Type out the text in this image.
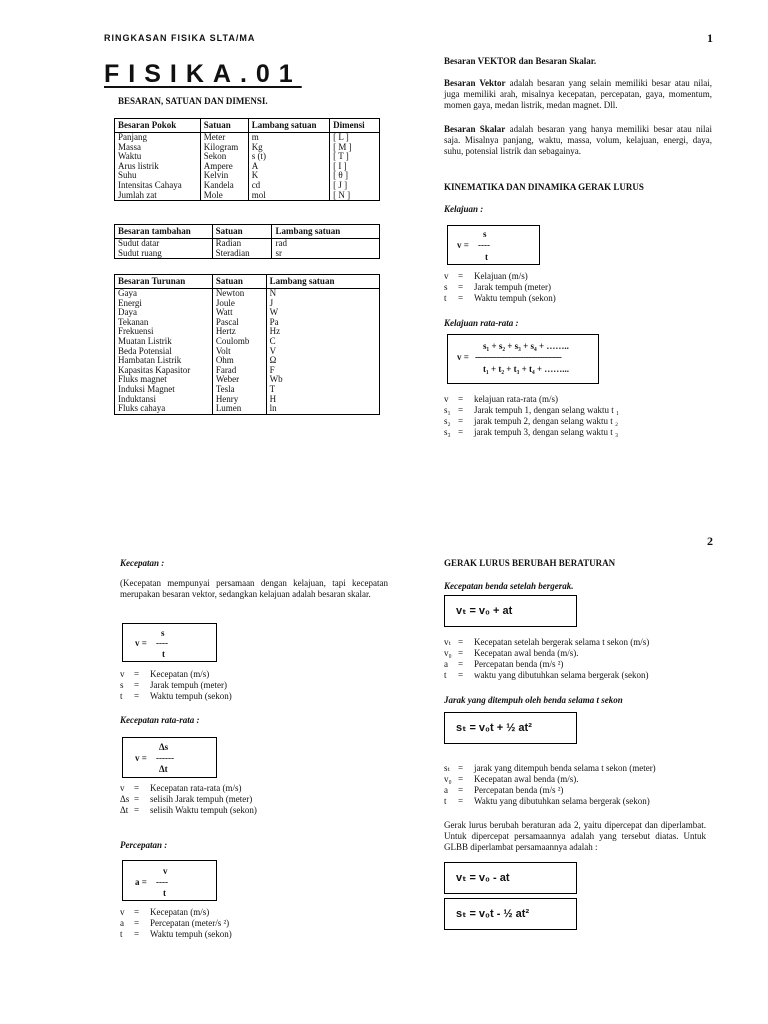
RINGKASAN FISIKA SLTA/MA	1
FISIKA.01
BESARAN, SATUAN DAN DIMENSI.
Besaran Pokok	Satuan	Lambang satuan	Dimensi
Panjang	Meter	m	[ L ]
Massa	Kilogram	Kg	[ M ]
Waktu	Sekon	s (t)	[ T ]
Arus listrik	Ampere	A	[ I ]
Suhu	Kelvin	K	[ θ ]
Intensitas Cahaya	Kandela	cd	[ J ]
Jumlah zat	Mole	mol	[ N ]
Besaran tambahan	Satuan	Lambang satuan
Sudut datar	Radian	rad
Sudut ruang	Steradian	sr
Besaran Turunan	Satuan	Lambang satuan
Gaya	Newton	N
Energi	Joule	J
Daya	Watt	W
Tekanan	Pascal	Pa
Frekuensi	Hertz	Hz
Muatan Listrik	Coulomb	C
Beda Potensial	Volt	V
Hambatan Listrik	Ohm	Ω
Kapasitas Kapasitor	Farad	F
Fluks magnet	Weber	Wb
Induksi Magnet	Tesla	T
Induktansi	Henry	H
Fluks cahaya	Lumen	ln
Besaran VEKTOR dan Besaran Skalar.
Besaran Vektor adalah besaran yang selain memiliki besar atau nilai, juga memiliki arah, misalnya kecepatan, percepatan, gaya, momentum, momen gaya, medan listrik, medan magnet. Dll.
Besaran Skalar adalah besaran yang hanya memiliki besar atau nilai saja. Misalnya panjang, waktu, massa, volum, kelajuan, energi, daya, suhu, potensial listrik dan sebagainya.
KINEMATIKA DAN DINAMIKA GERAK LURUS
Kelajuan :
s
v = ----
t
v	=	Kelajuan (m/s)
s	=	Jarak tempuh (meter)
t	=	Waktu tempuh (sekon)
Kelajuan rata-rata :
s₁ + s₂ + s₃ + s₄ + ……..
v = ------------------------------------
t₁ + t₂ + t₃ + t₄ + ……...
v	=	kelajuan rata-rata (m/s)
s₁ =	Jarak tempuh 1, dengan selang waktu t ₁
s₂ =	jarak tempuh 2, dengan selang waktu t ₂
s₃ =	jarak tempuh 3, dengan selang waktu t ₃
2
Kecepatan :
(Kecepatan mempunyai persamaan dengan kelajuan, tapi kecepatan merupakan besaran vektor, sedangkan kelajuan adalah besaran skalar.
s
v = ----
t
v	=	Kecepatan (m/s)
s	=	Jarak tempuh (meter)
t	=	Waktu tempuh (sekon)
Kecepatan rata-rata :
Δs
v = ------
Δt
v	=	Kecepatan rata-rata (m/s)
Δs =	selisih Jarak tempuh (meter)
Δt =	selisih Waktu tempuh (sekon)
Percepatan :
v
a = ----
t
v	=	Kecepatan (m/s)
a	=	Percepatan (meter/s ²)
t	=	Waktu tempuh (sekon)
GERAK LURUS BERUBAH BERATURAN
Kecepatan benda setelah bergerak.
vₜ = v₀ + at
vₜ =	Kecepatan setelah bergerak selama t sekon (m/s)
v₀ =	Kecepatan awal benda (m/s).
a	=	Percepatan benda (m/s ²)
t	=	waktu yang dibutuhkan selama bergerak (sekon)
Jarak yang ditempuh oleh benda selama t sekon
sₜ = v₀t + ½ at²
sₜ =	jarak yang ditempuh benda selama t sekon (meter)
v₀ =	Kecepatan awal benda (m/s).
a	=	Percepatan benda (m/s ²)
t	=	Waktu yang dibutuhkan selama bergerak (sekon)
Gerak lurus berubah beraturan ada 2, yaitu dipercepat dan diperlambat. Untuk dipercepat persamaannya adalah yang tersebut diatas. Untuk GLBB diperlambat persamaannya adalah :
vₜ = v₀ - at
sₜ = v₀t - ½ at²
